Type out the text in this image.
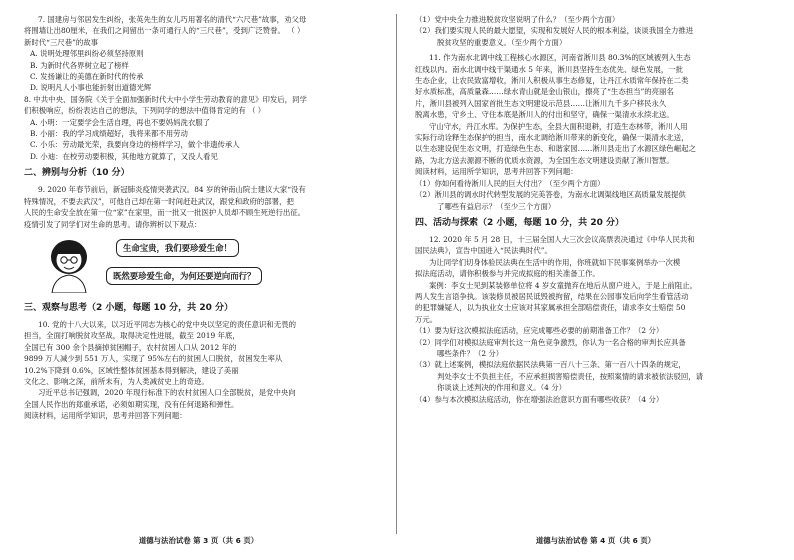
7. 国建房与邻居发生纠纷，张英先生的女儿巧用著名的清代“六尺巷”故事，劝父母
将围墙让出80厘米，在我们之间留出一条可通行人的“三尺巷”，受到广泛赞誉。 （ ）
新时代“三尺巷”的故事
A. 说明处理邻里纠纷必须坚持原则
B. 为新时代各界树立起了榜样
C. 发扬谦让的美德在新时代的传承
D. 说明凡人小事也能折射出道德光辉
8. 中共中央、国务院《关于全面加强新时代大中小学生劳动教育的意见》印发后，同学
们积极响应，纷纷表达自己的想法，下列同学的想法中值得肯定的有 （ ）
A. 小明：一定要学会生活自理，再也不要妈妈洗衣服了
B. 小丽：我的学习成绩超好，我将来都不用劳动
C. 小乐：劳动最光荣，我要向身边的榜样学习，做个非遗传承人
D. 小迪：在校劳动要积极，其他地方就算了，又没人看见
二、辨别与分析（10 分）
9. 2020 年春节前后，新冠肺炎疫情突袭武汉。84 岁的钟南山院士建议大家“没有
特殊情况，不要去武汉”，可他自己却在第一时间赶赴武汉，跟党和政府的部署，把
人民的生命安全放在第一位“家”在家里，而一批又一批医护人员却不顾生死逆行出征。
疫情引发了同学们对生命的思考。请你辨析以下观点：
生命宝贵，我们要珍爱生命！
既然要珍爱生命，为何还要逆向而行？
三、观察与思考（2 小题，每题 10 分，共 20 分）
10. 党的十八大以来，以习近平同志为核心的党中央以坚定的责任意识和无畏的
担当，全面打响脱贫攻坚战，取得决定性进展，截至 2019 年底，
全国已有 300 余个县摘掉贫困帽子，农村贫困人口从 2012 年的
9899 万人减少到 551 万人，实现了 95%左右的贫困人口脱贫，贫困发生率从
10.2%下降到 0.6%，区域性整体贫困基本得到解决，建设了美丽
文化之、影响之深，前所未有，为人类减贫史上的奇迹。
习近平总书记强调，2020 年现行标准下的农村贫困人口全部脱贫，是党中央向
全国人民作出的郑重承诺，必须如期实现，没有任何退路和弹性。
阅读材料，运用所学知识，思考并回答下列问题：
道德与法治试卷 第 3 页（共 6 页）
（1）党中央全力推进脱贫攻坚说明了什么？（至少两个方面）
（2）我们要实现人民的最大愿望，实现和发展好人民的根本利益，谈谈我国全力推进
脱贫攻坚的重要意义。（至少两个方面）
11. 作为南水北调中线工程核心水源区，河南省淅川县 80.3%的区域被列入生态
红线以内。南水北调中线干渠通水 5 年来，淅川县坚持生态优先、绿色发展，一批
生态企业，让农民致富增收，淅川人积极从事生态修复，让丹江水质常年保持在二类
好水质标准，高质量森……绿水青山就是金山银山，擦亮了“生态担当”的亮丽名
片，淅川县被列入国家首批生态文明建设示范县……让淅川九千多户移民永久
脱离水患，守乡土、守住本底是淅川人的付出和坚守，确保一渠清水永续北送。
守山守水，丹江水库。为保护生态，全县大面积退耕，打造生态林带，淅川人用
实际行动诠释生态保护的担当，南水北调给淅川带来的新变化，确保一渠清水北送，
以生态建设促生态文明，打造绿色生态、和谐家园……淅川县走出了水源区绿色崛起之
路，为北方送去源源不断的优质水资源，为全国生态文明建设贡献了淅川智慧。
阅读材料，运用所学知识，思考并回答下列问题：
（1）你如何看待淅川人民的巨大付出？（至少两个方面）
（2）淅川县的调水时代转型发展的完美答卷，为南水北调渠线地区高质量发展提供
了哪些有益启示？（至少三个方面）
四、活动与探索（2 小题，每题 10 分，共 20 分）
12. 2020 年 5 月 28 日，十三届全国人大三次会议高票表决通过《中华人民共和
国民法典》，宣告中国进入“民法典时代”。
为让同学们切身体验民法典在生活中的作用，你班就如下民事案例举办一次模
拟法庭活动，请你积极参与并完成拟庭的相关准备工作。
案例：李女士见到某装修单位将 4 岁女童抛弃在地后从窗户进入，于是上前阻止。
两人发生言语争执。该装修员被居民诋毁被拘留，结果在公园事发后向学生看管活动
的犯罪嫌疑人，以为执业女士应该对其家属承担全部赔偿责任，请求李女士赔偿 50
万元。
（1）要为好这次模拟法庭活动，应完成哪些必要的前期准备工作？（2 分）
（2）同学们对模拟法庭审判长这一角色竞争激烈，你认为一名合格的审判长应具备
哪些条件？（2 分）
（3）就上述案例，模拟法庭依据民法典第一百八十三条、第一百八十四条的规定，
判处李女士不负担主任，不应承担损害赔偿责任，按照案情的请求被依法驳回，请
你谈谈上述判决的作用和意义。（4 分）
（4）参与本次模拟法庭活动，你在增强法治意识方面有哪些收获？（4 分）
道德与法治试卷 第 4 页（共 6 页）
